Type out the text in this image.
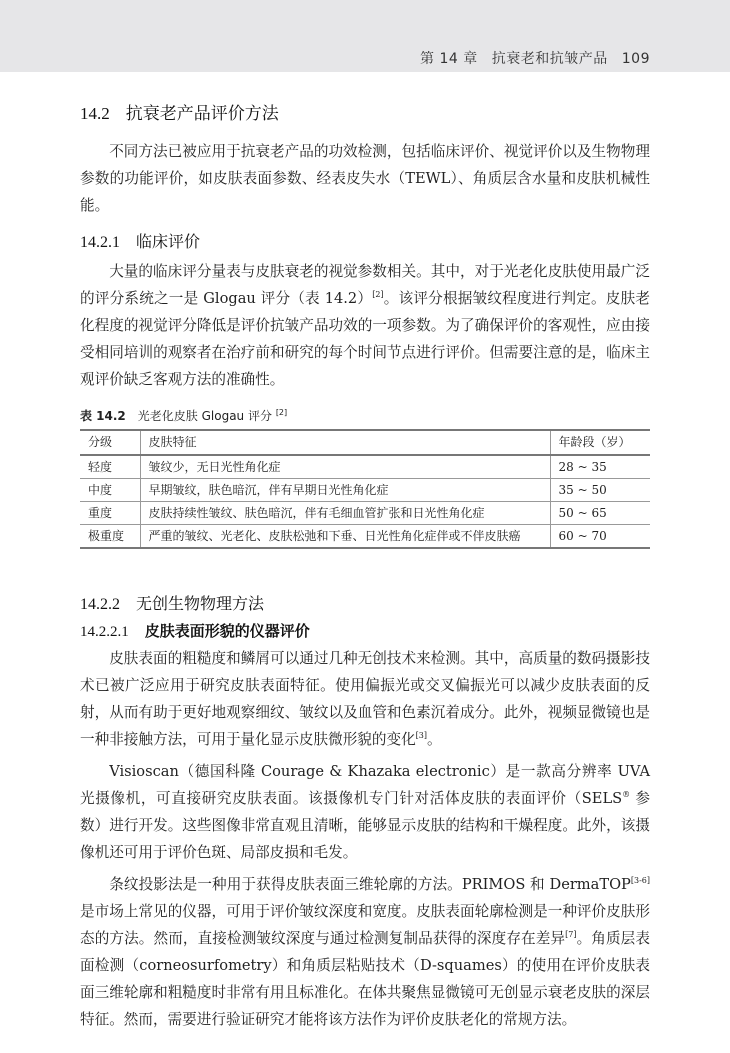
第 14 章 抗衰老和抗皱产品 109
14.2 抗衰老产品评价方法

不同方法已被应用于抗衰老产品的功效检测，包括临床评价、视觉评价以及生物物理参数的功能评价，如皮肤表面参数、经表皮失水（TEWL）、角质层含水量和皮肤机械性能。

14.2.1 临床评价

大量的临床评分量表与皮肤衰老的视觉参数相关。其中，对于光老化皮肤使用最广泛的评分系统之一是 Glogau 评分（表 14.2）[2]。该评分根据皱纹程度进行判定。皮肤老化程度的视觉评分降低是评价抗皱产品功效的一项参数。为了确保评价的客观性，应由接受相同培训的观察者在治疗前和研究的每个时间节点进行评价。但需要注意的是，临床主观评价缺乏客观方法的准确性。

表 14.2 光老化皮肤 Glogau 评分 [2]
分级	皮肤特征	年龄段（岁）
轻度	皱纹少，无日光性角化症	28 ~ 35
中度	早期皱纹，肤色暗沉，伴有早期日光性角化症	35 ~ 50
重度	皮肤持续性皱纹、肤色暗沉，伴有毛细血管扩张和日光性角化症	50 ~ 65
极重度	严重的皱纹、光老化、皮肤松弛和下垂、日光性角化症伴或不伴皮肤癌	60 ~ 70
14.2.2 无创生物物理方法
14.2.2.1 皮肤表面形貌的仪器评价

皮肤表面的粗糙度和鳞屑可以通过几种无创技术来检测。其中，高质量的数码摄影技术已被广泛应用于研究皮肤表面特征。使用偏振光或交叉偏振光可以减少皮肤表面的反射，从而有助于更好地观察细纹、皱纹以及血管和色素沉着成分。此外，视频显微镜也是一种非接触方法，可用于量化显示皮肤微形貌的变化[3]。

Visioscan（德国科隆 Courage & Khazaka electronic）是一款高分辨率 UVA 光摄像机，可直接研究皮肤表面。该摄像机专门针对活体皮肤的表面评价（SELS® 参数）进行开发。这些图像非常直观且清晰，能够显示皮肤的结构和干燥程度。此外，该摄像机还可用于评价色斑、局部皮损和毛发。

条纹投影法是一种用于获得皮肤表面三维轮廓的方法。PRIMOS 和 DermaTOP[3-6] 是市场上常见的仪器，可用于评价皱纹深度和宽度。皮肤表面轮廓检测是一种评价皮肤形态的方法。然而，直接检测皱纹深度与通过检测复制品获得的深度存在差异[7]。角质层表面检测（corneosurfometry）和角质层粘贴技术（D-squames）的使用在评价皮肤表面三维轮廓和粗糙度时非常有用且标准化。在体共聚焦显微镜可无创显示衰老皮肤的深层特征。然而，需要进行验证研究才能将该方法作为评价皮肤老化的常规方法。
